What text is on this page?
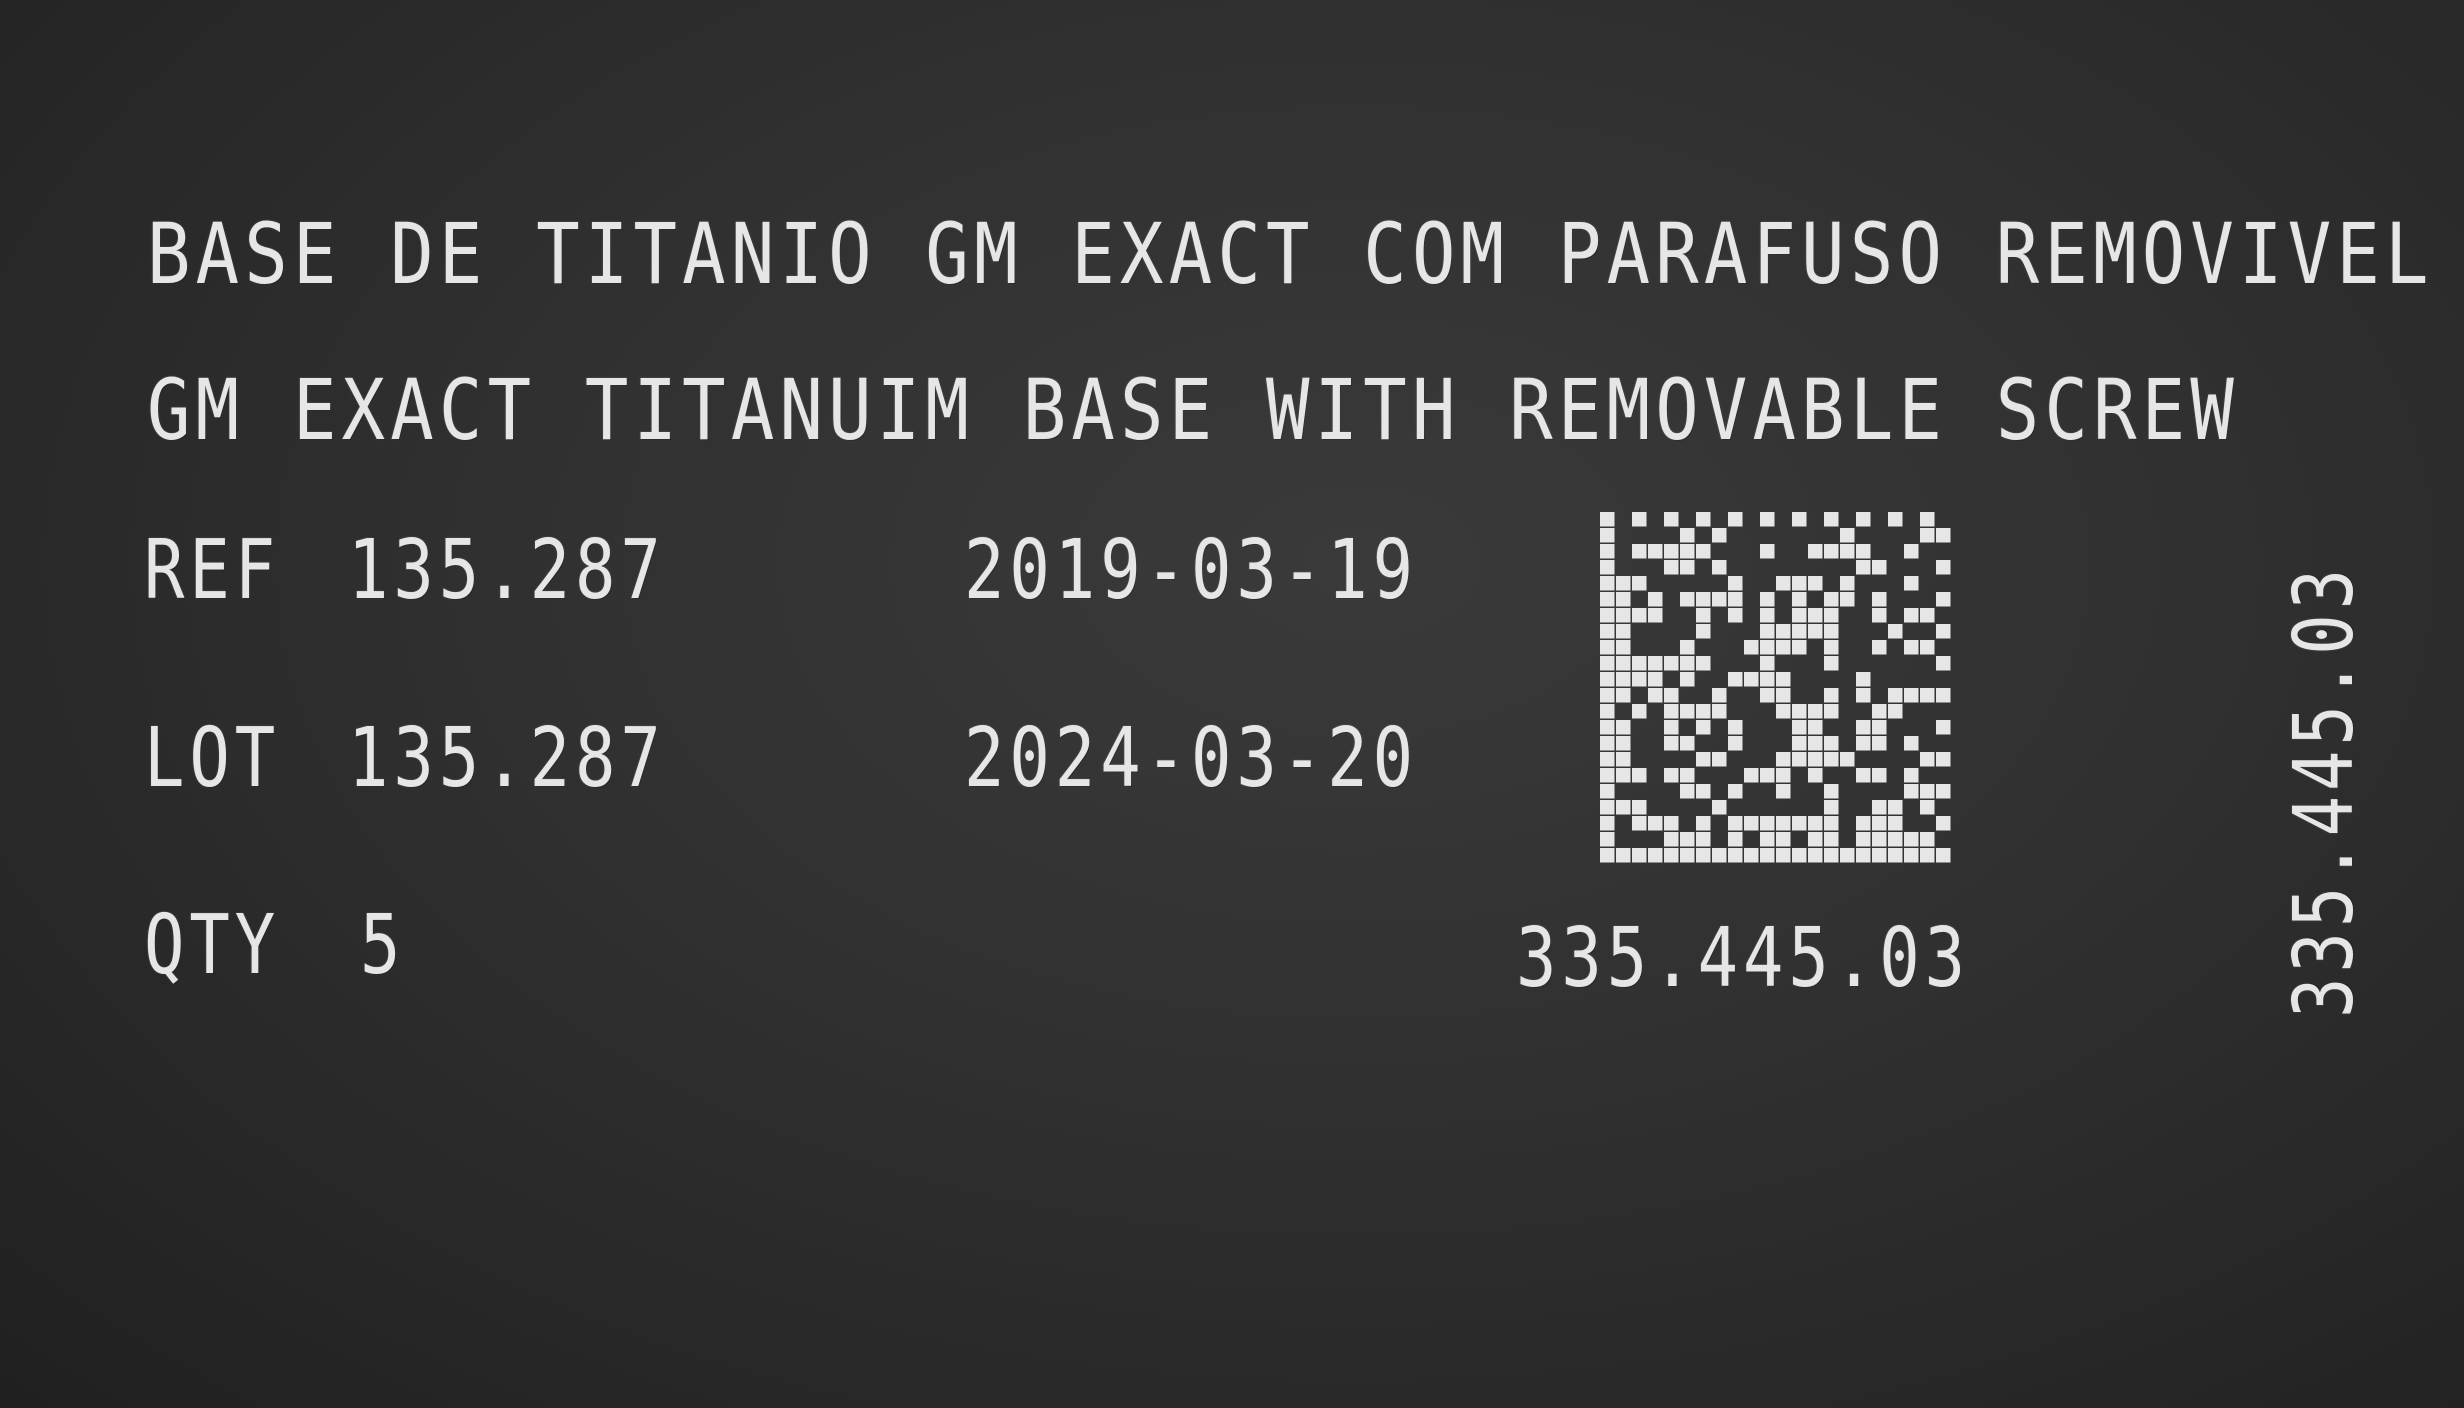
BASE DE TITANIO GM EXACT COM PARAFUSO REMOVIVEL
GM EXACT TITANUIM BASE WITH REMOVABLE SCREW
REF 135.287	2019-03-19
LOT 135.287	2024-03-20
QTY 5	335.445.03	335.445.03
